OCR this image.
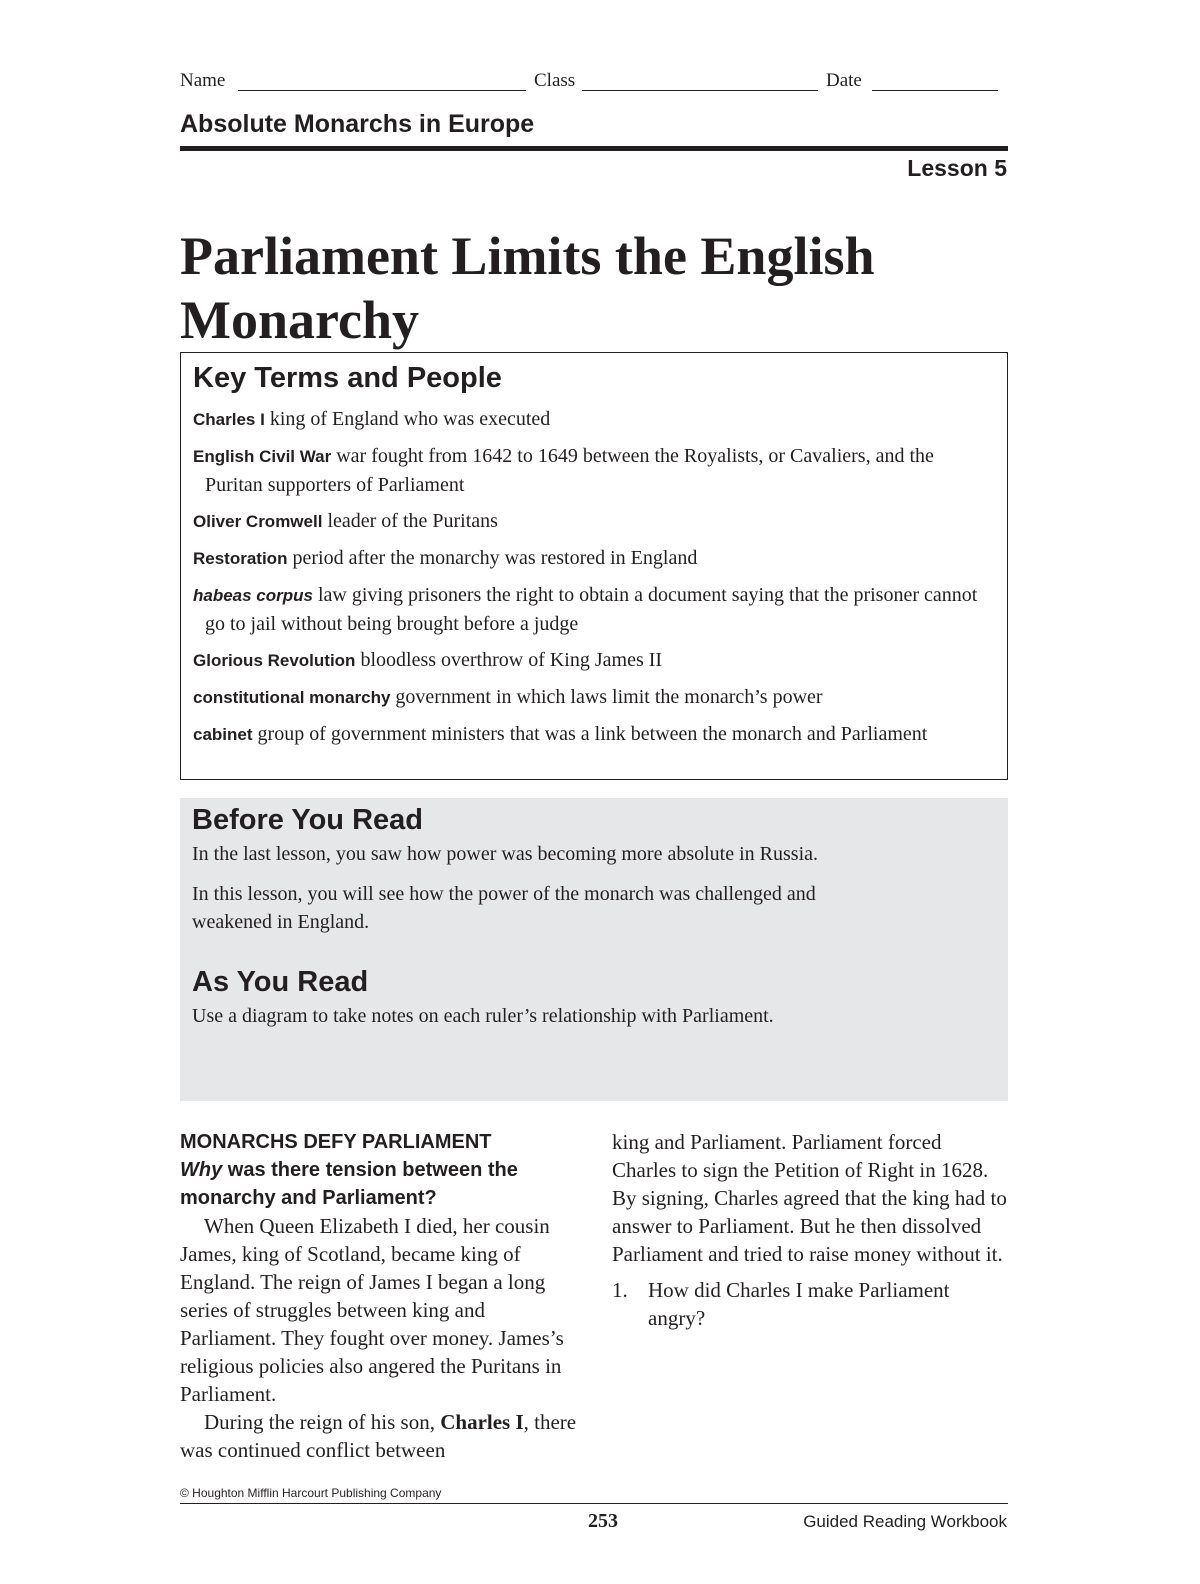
Name	Class	Date
Absolute Monarchs in Europe
Lesson 5
Parliament Limits the English
Monarchy
Key Terms and People
Charles I king of England who was executed
English Civil War war fought from 1642 to 1649 between the Royalists, or Cavaliers, and the Puritan supporters of Parliament
Oliver Cromwell leader of the Puritans
Restoration period after the monarchy was restored in England
habeas corpus law giving prisoners the right to obtain a document saying that the prisoner cannot go to jail without being brought before a judge
Glorious Revolution bloodless overthrow of King James II
constitutional monarchy government in which laws limit the monarch’s power
cabinet group of government ministers that was a link between the monarch and Parliament
Before You Read
In the last lesson, you saw how power was becoming more absolute in Russia.
In this lesson, you will see how the power of the monarch was challenged and weakened in England.
As You Read
Use a diagram to take notes on each ruler’s relationship with Parliament.
MONARCHS DEFY PARLIAMENT
Why was there tension between the monarchy and Parliament?
When Queen Elizabeth I died, her cousin James, king of Scotland, became king of England. The reign of James I began a long series of struggles between king and Parliament. They fought over money. James’s religious policies also angered the Puritans in Parliament.
During the reign of his son, Charles I, there was continued conflict between
king and Parliament. Parliament forced Charles to sign the Petition of Right in 1628. By signing, Charles agreed that the king had to answer to Parliament. But he then dissolved Parliament and tried to raise money without it.
1. How did Charles I make Parliament angry?
© Houghton Mifflin Harcourt Publishing Company
253	Guided Reading Workbook
